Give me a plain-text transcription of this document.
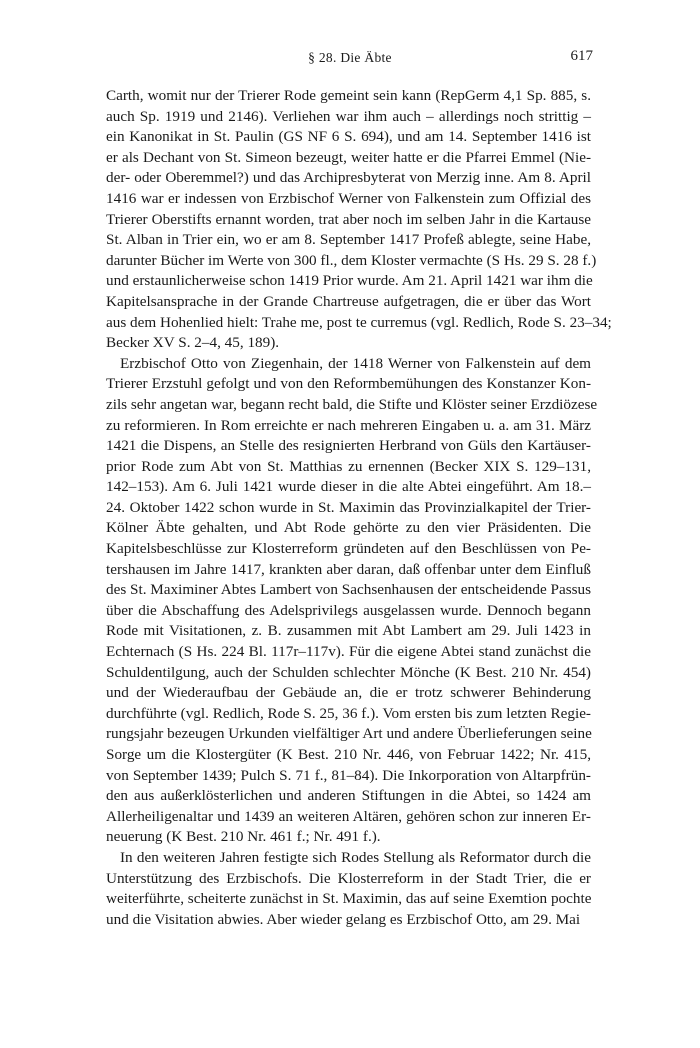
§ 28. Die Äbte	617
Carth, womit nur der Trierer Rode gemeint sein kann (RepGerm 4,1 Sp. 885, s.
auch Sp. 1919 und 2146). Verliehen war ihm auch – allerdings noch strittig –
ein Kanonikat in St. Paulin (GS NF 6 S. 694), und am 14. September 1416 ist
er als Dechant von St. Simeon bezeugt, weiter hatte er die Pfarrei Emmel (Nie-
der- oder Oberemmel?) und das Archipresbyterat von Merzig inne. Am 8. April
1416 war er indessen von Erzbischof Werner von Falkenstein zum Offizial des
Trierer Oberstifts ernannt worden, trat aber noch im selben Jahr in die Kartause
St. Alban in Trier ein, wo er am 8. September 1417 Profeß ablegte, seine Habe,
darunter Bücher im Werte von 300 fl., dem Kloster vermachte (S Hs. 29 S. 28 f.)
und erstaunlicherweise schon 1419 Prior wurde. Am 21. April 1421 war ihm die
Kapitelsansprache in der Grande Chartreuse aufgetragen, die er über das Wort
aus dem Hohenlied hielt: Trahe me, post te curremus (vgl. Redlich, Rode S. 23–34;
Becker XV S. 2–4, 45, 189).
Erzbischof Otto von Ziegenhain, der 1418 Werner von Falkenstein auf dem
Trierer Erzstuhl gefolgt und von den Reformbemühungen des Konstanzer Kon-
zils sehr angetan war, begann recht bald, die Stifte und Klöster seiner Erzdiözese
zu reformieren. In Rom erreichte er nach mehreren Eingaben u. a. am 31. März
1421 die Dispens, an Stelle des resignierten Herbrand von Güls den Kartäuser-
prior Rode zum Abt von St. Matthias zu ernennen (Becker XIX S. 129–131,
142–153). Am 6. Juli 1421 wurde dieser in die alte Abtei eingeführt. Am 18.–
24. Oktober 1422 schon wurde in St. Maximin das Provinzialkapitel der Trier-
Kölner Äbte gehalten, und Abt Rode gehörte zu den vier Präsidenten. Die
Kapitelsbeschlüsse zur Klosterreform gründeten auf den Beschlüssen von Pe-
tershausen im Jahre 1417, krankten aber daran, daß offenbar unter dem Einfluß
des St. Maximiner Abtes Lambert von Sachsenhausen der entscheidende Passus
über die Abschaffung des Adelsprivilegs ausgelassen wurde. Dennoch begann
Rode mit Visitationen, z. B. zusammen mit Abt Lambert am 29. Juli 1423 in
Echternach (S Hs. 224 Bl. 117r–117v). Für die eigene Abtei stand zunächst die
Schuldentilgung, auch der Schulden schlechter Mönche (K Best. 210 Nr. 454)
und der Wiederaufbau der Gebäude an, die er trotz schwerer Behinderung
durchführte (vgl. Redlich, Rode S. 25, 36 f.). Vom ersten bis zum letzten Regie-
rungsjahr bezeugen Urkunden vielfältiger Art und andere Überlieferungen seine
Sorge um die Klostergüter (K Best. 210 Nr. 446, von Februar 1422; Nr. 415,
von September 1439; Pulch S. 71 f., 81–84). Die Inkorporation von Altarpfrün-
den aus außerklösterlichen und anderen Stiftungen in die Abtei, so 1424 am
Allerheiligenaltar und 1439 an weiteren Altären, gehören schon zur inneren Er-
neuerung (K Best. 210 Nr. 461 f.; Nr. 491 f.).
In den weiteren Jahren festigte sich Rodes Stellung als Reformator durch die
Unterstützung des Erzbischofs. Die Klosterreform in der Stadt Trier, die er
weiterführte, scheiterte zunächst in St. Maximin, das auf seine Exemtion pochte
und die Visitation abwies. Aber wieder gelang es Erzbischof Otto, am 29. Mai
